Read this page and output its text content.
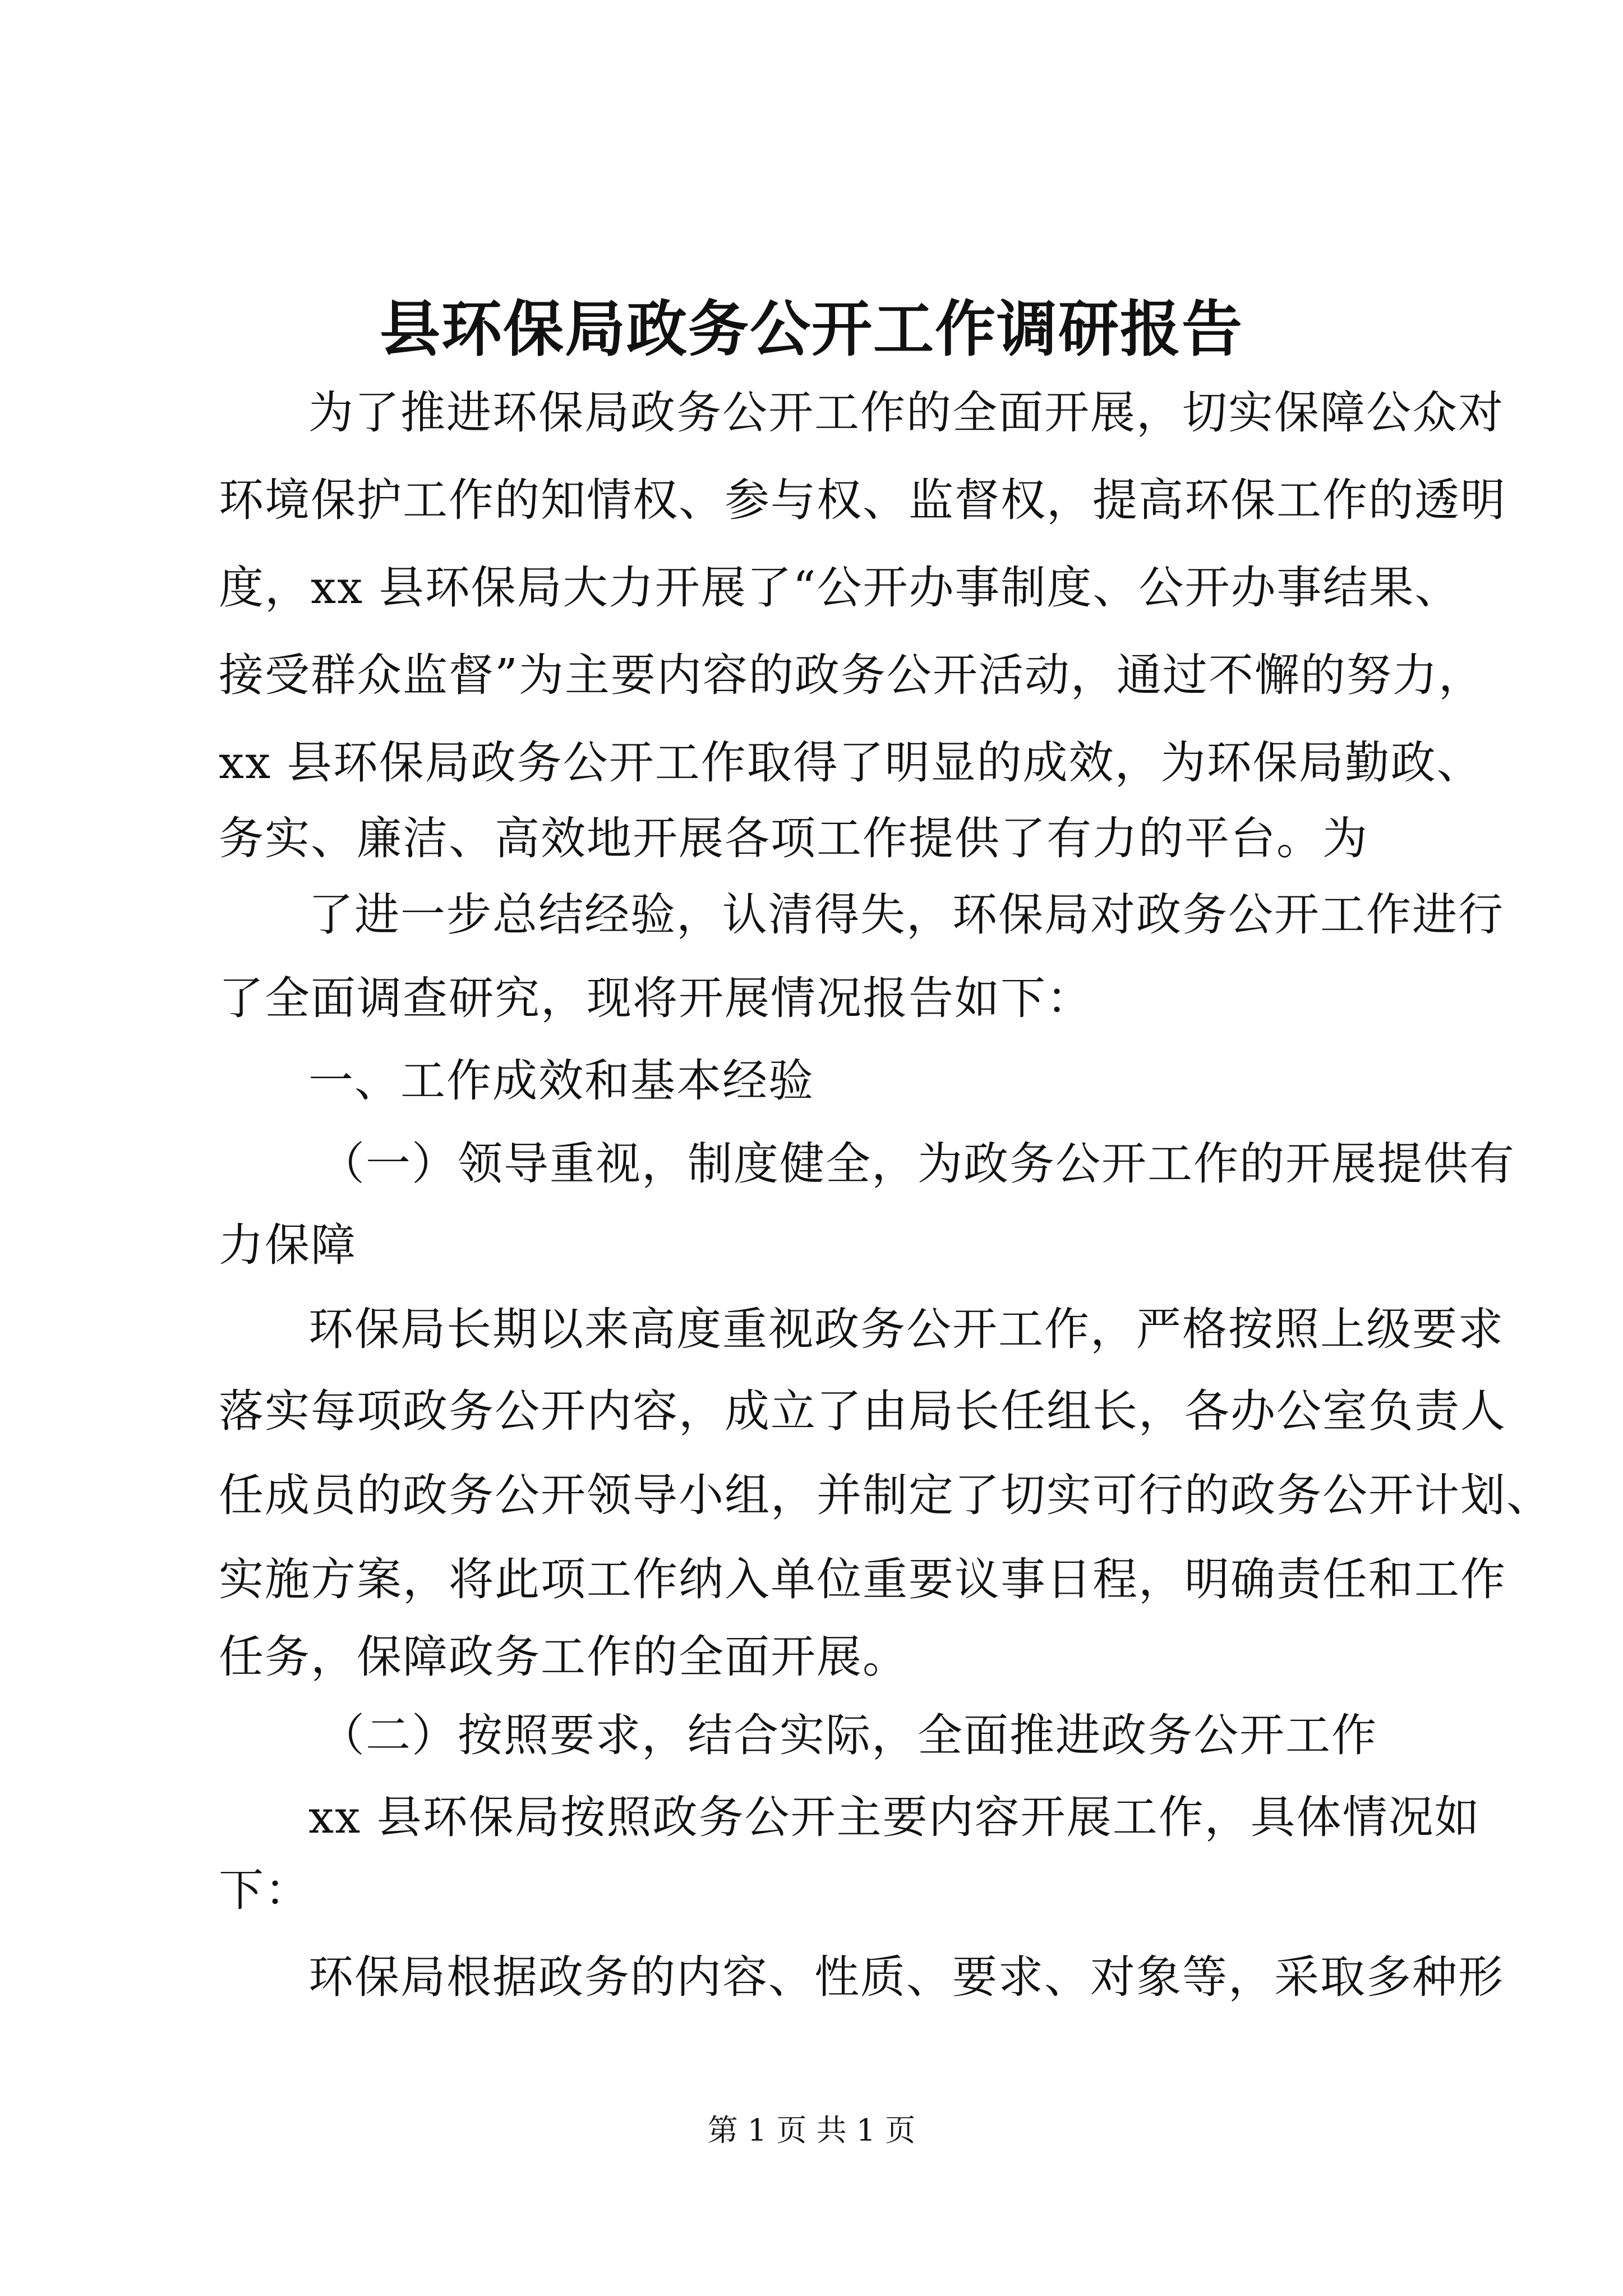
县环保局政务公开工作调研报告

为了推进环保局政务公开工作的全面开展，切实保障公众对

环境保护工作的知情权、参与权、监督权，提高环保工作的透明

度，xx 县环保局大力开展了“公开办事制度、公开办事结果、

接受群众监督”为主要内容的政务公开活动，通过不懈的努力，

xx 县环保局政务公开工作取得了明显的成效，为环保局勤政、

务实、廉洁、高效地开展各项工作提供了有力的平台。为

了进一步总结经验，认清得失，环保局对政务公开工作进行

了全面调查研究，现将开展情况报告如下：

一、工作成效和基本经验

（一）领导重视，制度健全，为政务公开工作的开展提供有

力保障

环保局长期以来高度重视政务公开工作，严格按照上级要求

落实每项政务公开内容，成立了由局长任组长，各办公室负责人

任成员的政务公开领导小组，并制定了切实可行的政务公开计划、

实施方案，将此项工作纳入单位重要议事日程，明确责任和工作

任务，保障政务工作的全面开展。

（二）按照要求，结合实际，全面推进政务公开工作

xx 县环保局按照政务公开主要内容开展工作，具体情况如

下：

环保局根据政务的内容、性质、要求、对象等，采取多种形

第 1 页 共 1 页
